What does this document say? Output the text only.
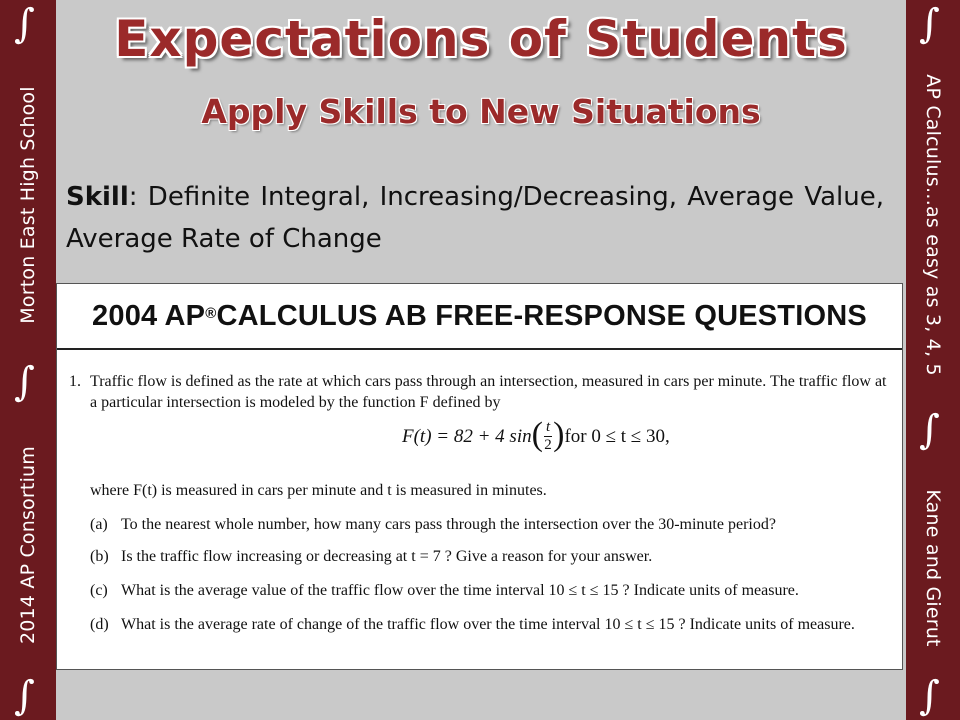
∫
Morton East High School
∫
2014 AP Consortium
∫
∫
AP Calculus…as easy as 3, 4, 5
∫
Kane and Gierut
∫
Expectations of Students
Apply Skills to New Situations
Skill: Definite Integral, Increasing/Decreasing, Average Value, Average Rate of Change
2004 AP® CALCULUS AB FREE-RESPONSE QUESTIONS
1. Traffic flow is defined as the rate at which cars pass through an intersection, measured in cars per minute. The traffic flow at a particular intersection is modeled by the function F defined by
F(t) = 82 + 4 sin ( $\frac{t}{2}$ ) for 0 ≤ t ≤ 30,
where F(t) is measured in cars per minute and t is measured in minutes.
(a) To the nearest whole number, how many cars pass through the intersection over the 30-minute period?
(b) Is the traffic flow increasing or decreasing at t = 7 ? Give a reason for your answer.
(c) What is the average value of the traffic flow over the time interval 10 ≤ t ≤ 15 ? Indicate units of measure.
(d) What is the average rate of change of the traffic flow over the time interval 10 ≤ t ≤ 15 ? Indicate units of measure.
